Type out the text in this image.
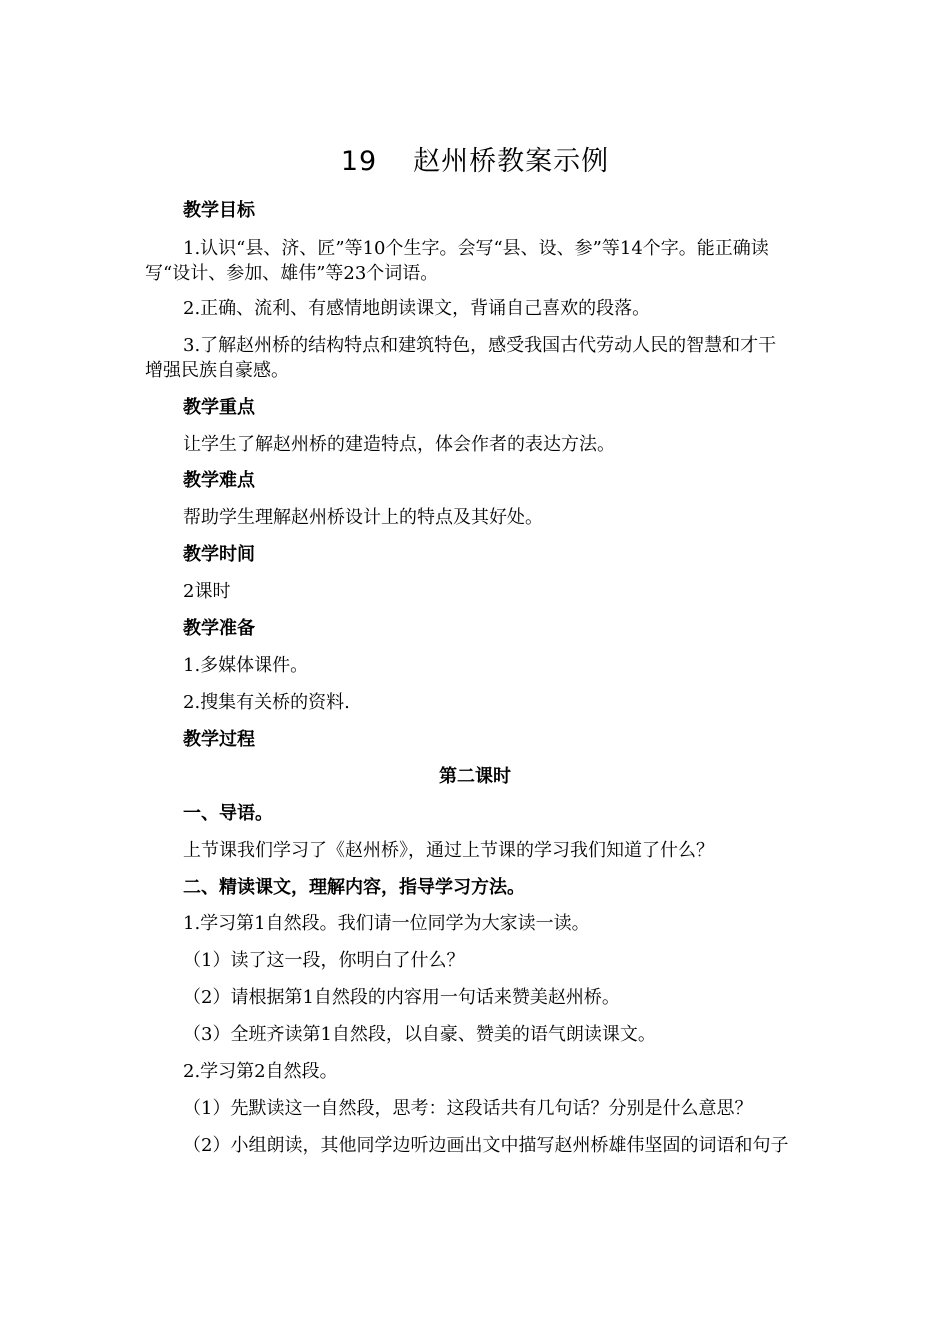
19 赵州桥教案示例
教学目标
1.认识“县、济、匠”等10个生字。会写“县、设、参”等14个字。能正确读
写“设计、参加、雄伟”等23个词语。
2.正确、流利、有感情地朗读课文，背诵自己喜欢的段落。
3.了解赵州桥的结构特点和建筑特色，感受我国古代劳动人民的智慧和才干
增强民族自豪感。
教学重点
让学生了解赵州桥的建造特点，体会作者的表达方法。
教学难点
帮助学生理解赵州桥设计上的特点及其好处。
教学时间
2课时
教学准备
1.多媒体课件。
2.搜集有关桥的资料.
教学过程
第二课时
一、导语。
上节课我们学习了《赵州桥》，通过上节课的学习我们知道了什么？
二、精读课文，理解内容，指导学习方法。
1.学习第1自然段。我们请一位同学为大家读一读。
（1）读了这一段，你明白了什么？
（2）请根据第1自然段的内容用一句话来赞美赵州桥。
（3）全班齐读第1自然段，以自豪、赞美的语气朗读课文。
2.学习第2自然段。
（1）先默读这一自然段，思考：这段话共有几句话？分别是什么意思？
（2）小组朗读，其他同学边听边画出文中描写赵州桥雄伟坚固的词语和句子
